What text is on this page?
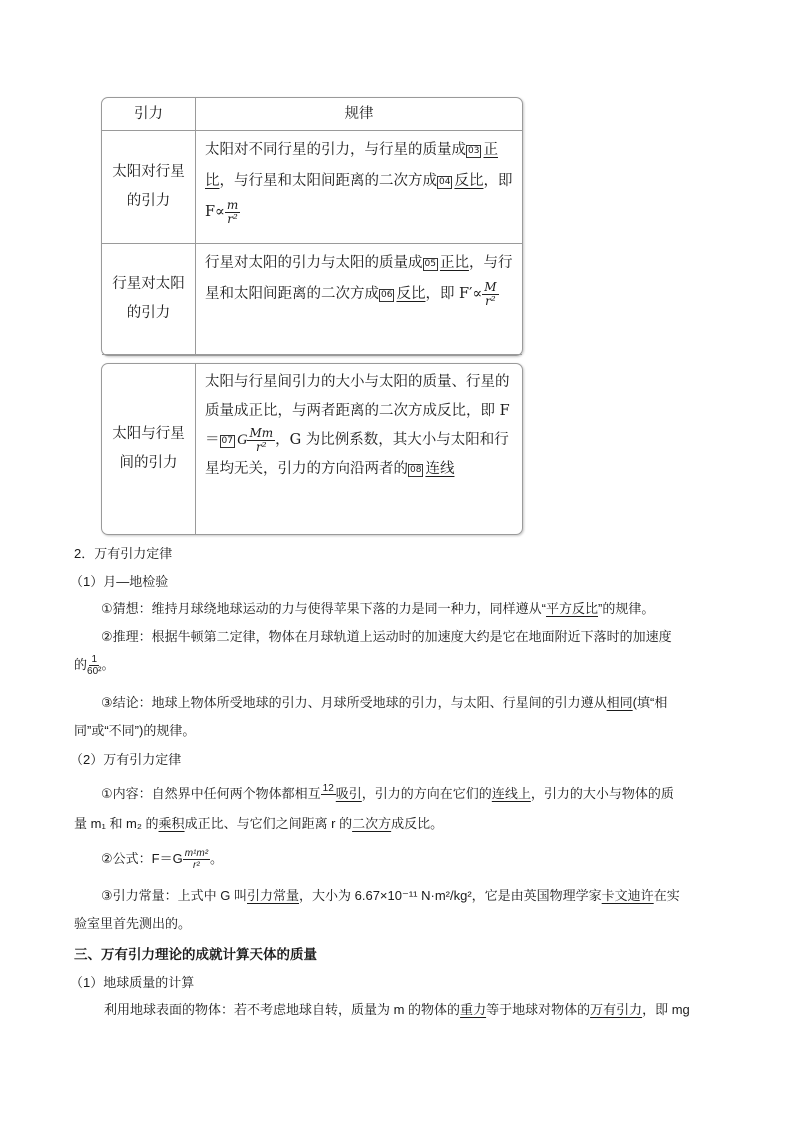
引力	规律
太阳对行星
的引力
太阳对不同行星的引力，与行星的质量成 03 正比，与行星和太阳间距离的二次方成 04 反比，即 $F\propto \frac{m}{\text{r²}}$
行星对太阳
的引力
行星对太阳的引力与太阳的质量成 05 正比，与行星和太阳间距离的二次方成 06 反比，即 $F'\propto \frac{M}{\text{r²}}$
太阳与行星
间的引力
太阳与行星间引力的大小与太阳的质量、行星的质量成正比，与两者距离的二次方成反比，即 F＝ 07 G $\frac{Mm}{\text{r²}}$ ，G 为比例系数，其大小与太阳和行星均无关，引力的方向沿两者的 08 连线
2．万有引力定律
（1）月—地检验
①猜想：维持月球绕地球运动的力与使得苹果下落的力是同一种力，同样遵从“平方反比”的规律。
②推理：根据牛顿第二定律，物体在月球轨道上运动时的加速度大约是它在地面附近下落时的加速度
的 $\frac{1}{\text{60²}}$ 。
③结论：地球上物体所受地球的引力、月球所受地球的引力，与太阳、行星间的引力遵从相同(填“相
同”或“不同”)的规律。
（2）万有引力定律
①内容：自然界中任何两个物体都相互 12
吸引，引力的方向在它们的连线上，引力的大小与物体的质
量 m₁ 和 m₂ 的乘积成正比、与它们之间距离 r 的二次方成反比。
②公式：$F=G \frac{\text{m¹m²}}{\text{r²}}$ 。
③引力常量：上式中 G 叫引力常量，大小为 6.67×10⁻¹¹ N·m²/kg²，它是由英国物理学家卡文迪许在实
验室里首先测出的。
三、万有引力理论的成就计算天体的质量
（1）地球质量的计算
利用地球表面的物体：若不考虑地球自转，质量为 m 的物体的重力等于地球对物体的万有引力，即 mg
